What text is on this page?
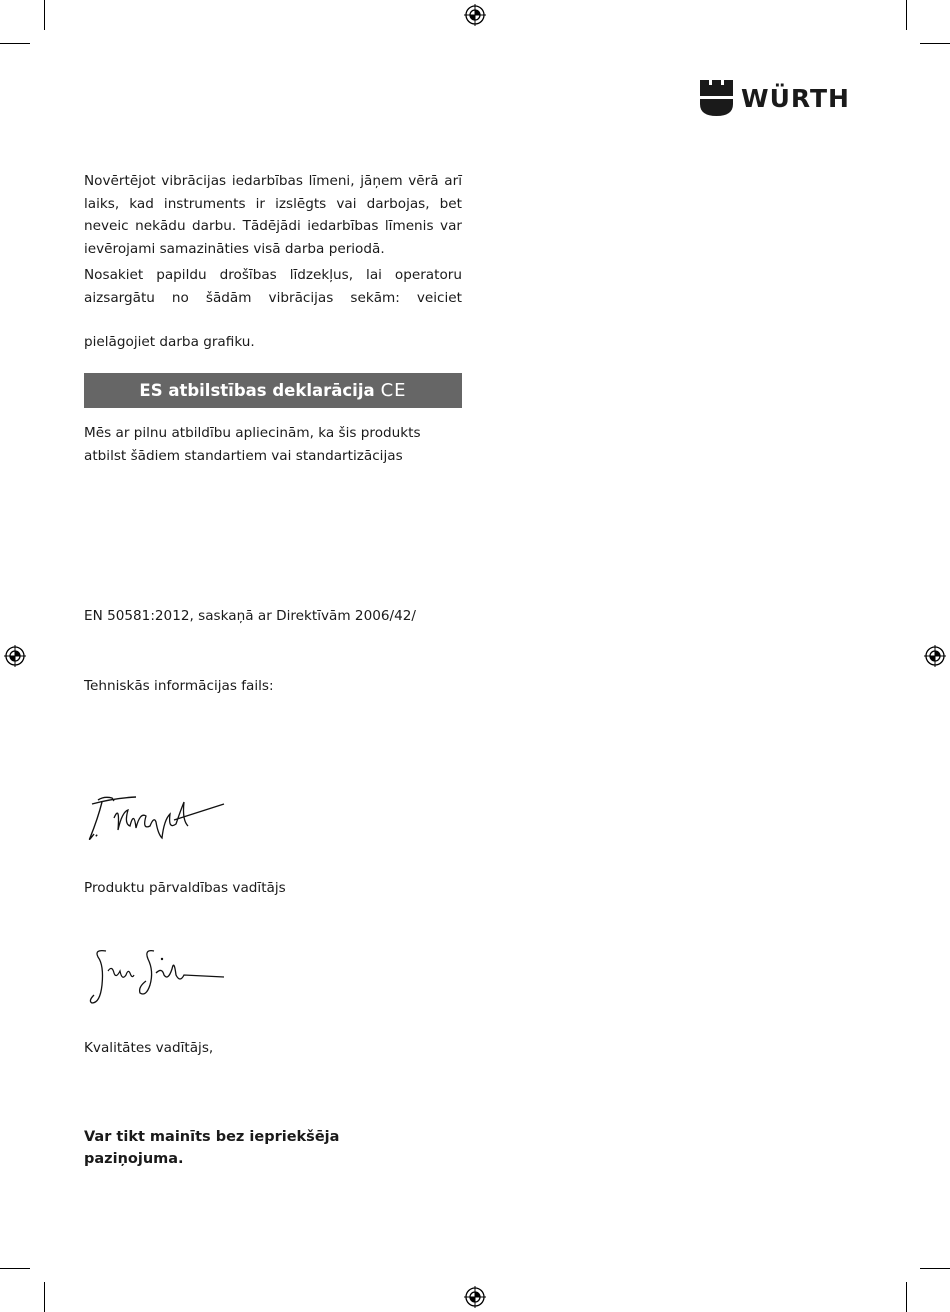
WÜRTH
Novērtējot vibrācijas iedarbības līmeni, jāņem vērā arī laiks, kad instruments ir izslēgts vai darbojas, bet neveic nekādu darbu. Tādējādi iedarbības līmenis var ievērojami samazināties visā darba periodā.
Nosakiet papildu drošības līdzekļus, lai operatoru aizsargātu no šādām vibrācijas sekām: veiciet
pielāgojiet darba grafiku.
ES atbilstības deklarācija CE
Mēs ar pilnu atbildību apliecinām, ka šis produkts atbilst šādiem standartiem vai standartizācijas
EN 50581:2012, saskaņā ar Direktīvām 2006/42/
Tehniskās informācijas fails:
Produktu pārvaldības vadītājs
Kvalitātes vadītājs,
Var tikt mainīts bez iepriekšēja
paziņojuma.
